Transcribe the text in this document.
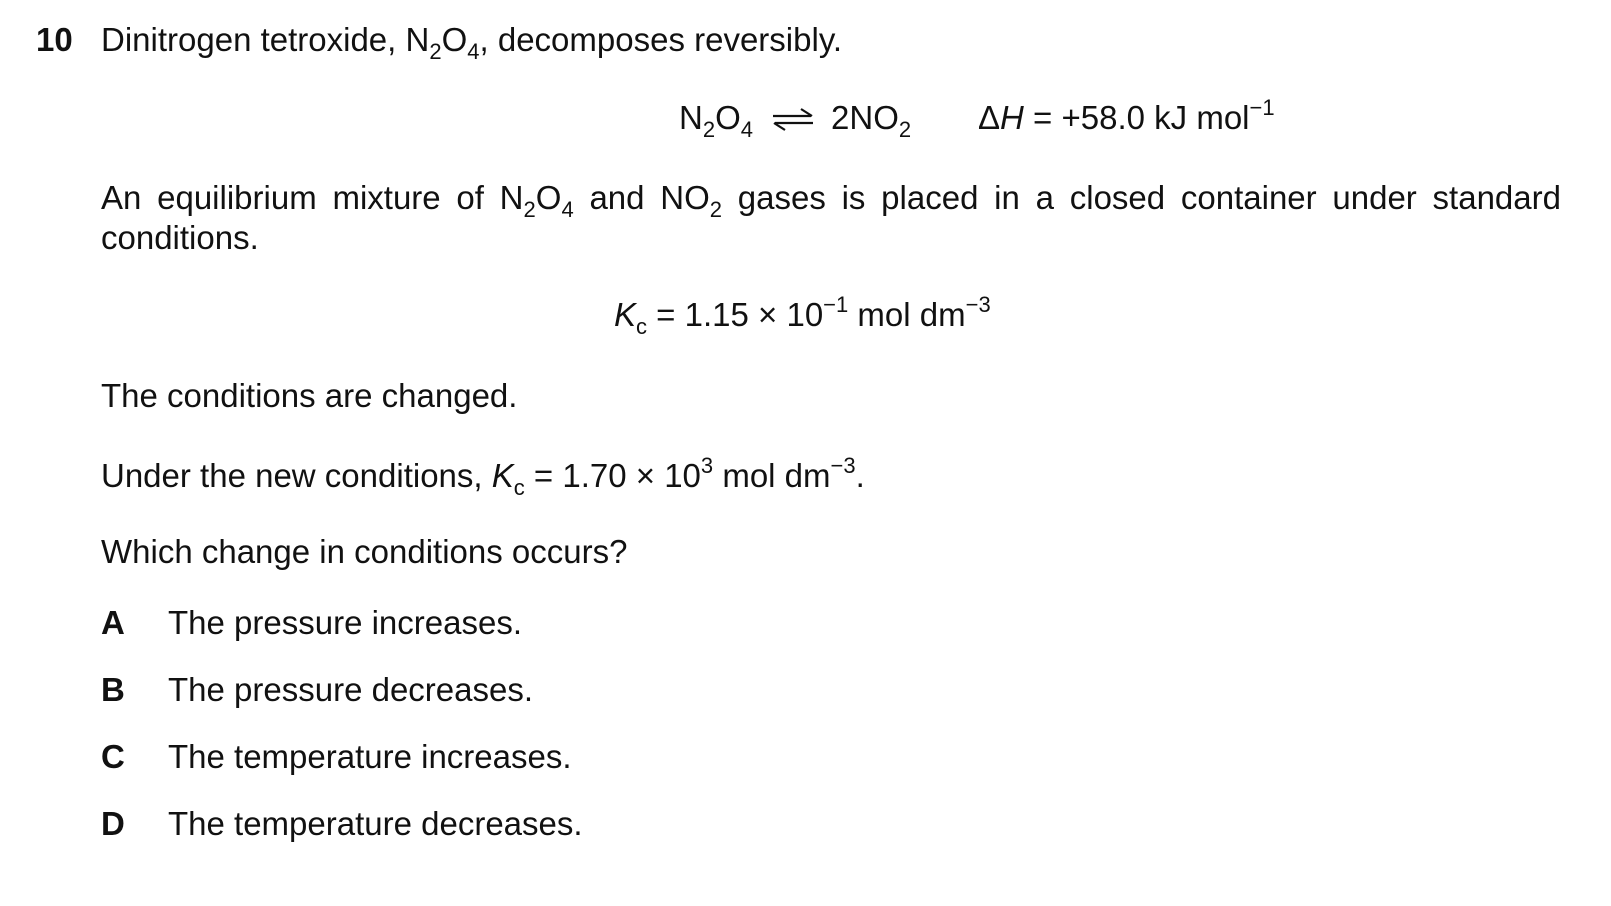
10 Dinitrogen tetroxide, $N_2O_4$, decomposes reversibly.
$N_2O_4$ ⇌ $2NO_2$ ΔH = +58.0 kJ mol$^{-1}$
An equilibrium mixture of $N_2O_4$ and $NO_2$ gases is placed in a closed container under standard conditions.
$K_c = 1.15 \times 10^{-1}$ mol $dm^{-3}$
The conditions are changed.
Under the new conditions, $K_c = 1.70 \times 10^3$ mol $dm^{-3}$.
Which change in conditions occurs?
A The pressure increases.
B The pressure decreases.
C The temperature increases.
D The temperature decreases.
